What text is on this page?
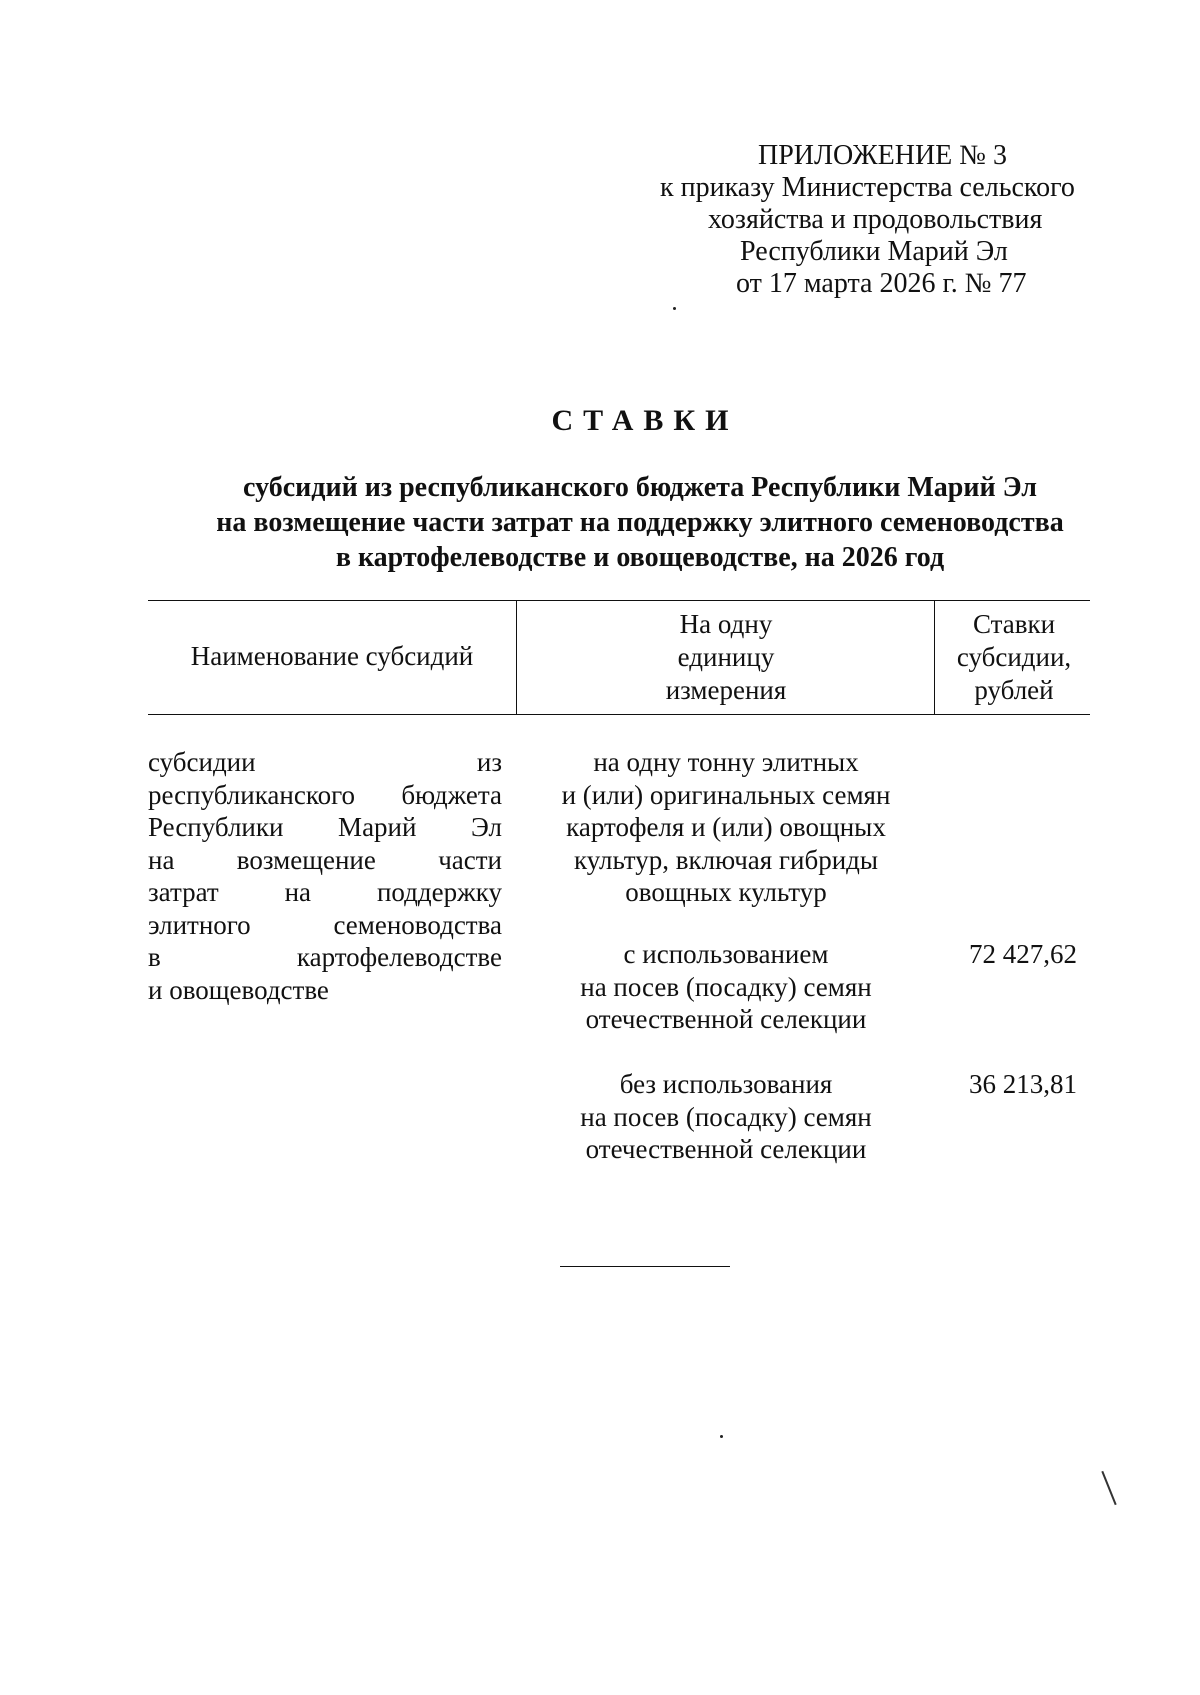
ПРИЛОЖЕНИЕ № 3
к приказу Министерства сельского
хозяйства и продовольствия
Республики Марий Эл
от 17 марта 2026 г. № 77
СТАВКИ
субсидий из республиканского бюджета Республики Марий Эл
на возмещение части затрат на поддержку элитного семеноводства
в картофелеводстве и овощеводстве, на 2026 год
Наименование субсидий
На одну
единицу
измерения
Ставки
субсидии,
рублей
субсидии из
республиканского бюджета
Республики Марий Эл
на возмещение части
затрат на поддержку
элитного семеноводства
в картофелеводстве
и овощеводстве
на одну тонну элитных
и (или) оригинальных семян
картофеля и (или) овощных
культур, включая гибриды
овощных культур
с использованием
на посев (посадку) семян
отечественной селекции
72 427,62
без использования
на посев (посадку) семян
отечественной селекции
36 213,81
